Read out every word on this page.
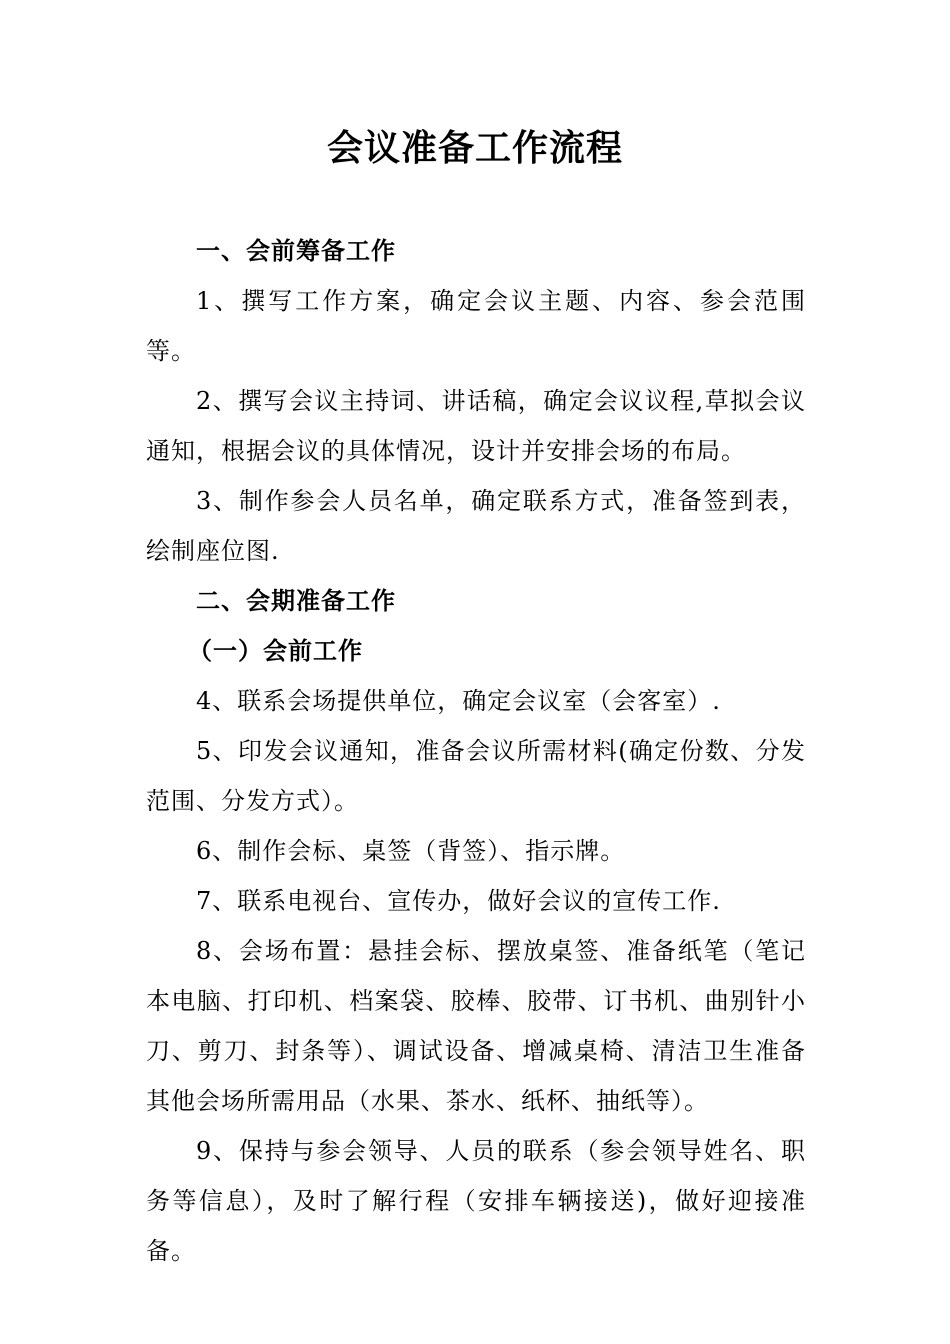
会议准备工作流程

一、会前筹备工作

1、撰写工作方案，确定会议主题、内容、参会范围等。

2、撰写会议主持词、讲话稿，确定会议议程,草拟会议通知，根据会议的具体情况，设计并安排会场的布局。

3、制作参会人员名单，确定联系方式，准备签到表，绘制座位图.

二、会期准备工作

（一）会前工作

4、联系会场提供单位，确定会议室（会客室）.

5、印发会议通知，准备会议所需材料(确定份数、分发范围、分发方式）。

6、制作会标、桌签（背签）、指示牌。

7、联系电视台、宣传办，做好会议的宣传工作.

8、会场布置：悬挂会标、摆放桌签、准备纸笔（笔记本电脑、打印机、档案袋、胶棒、胶带、订书机、曲别针小刀、剪刀、封条等）、调试设备、增减桌椅、清洁卫生准备其他会场所需用品（水果、茶水、纸杯、抽纸等）。

9、保持与参会领导、人员的联系（参会领导姓名、职务等信息），及时了解行程（安排车辆接送)，做好迎接准备。
